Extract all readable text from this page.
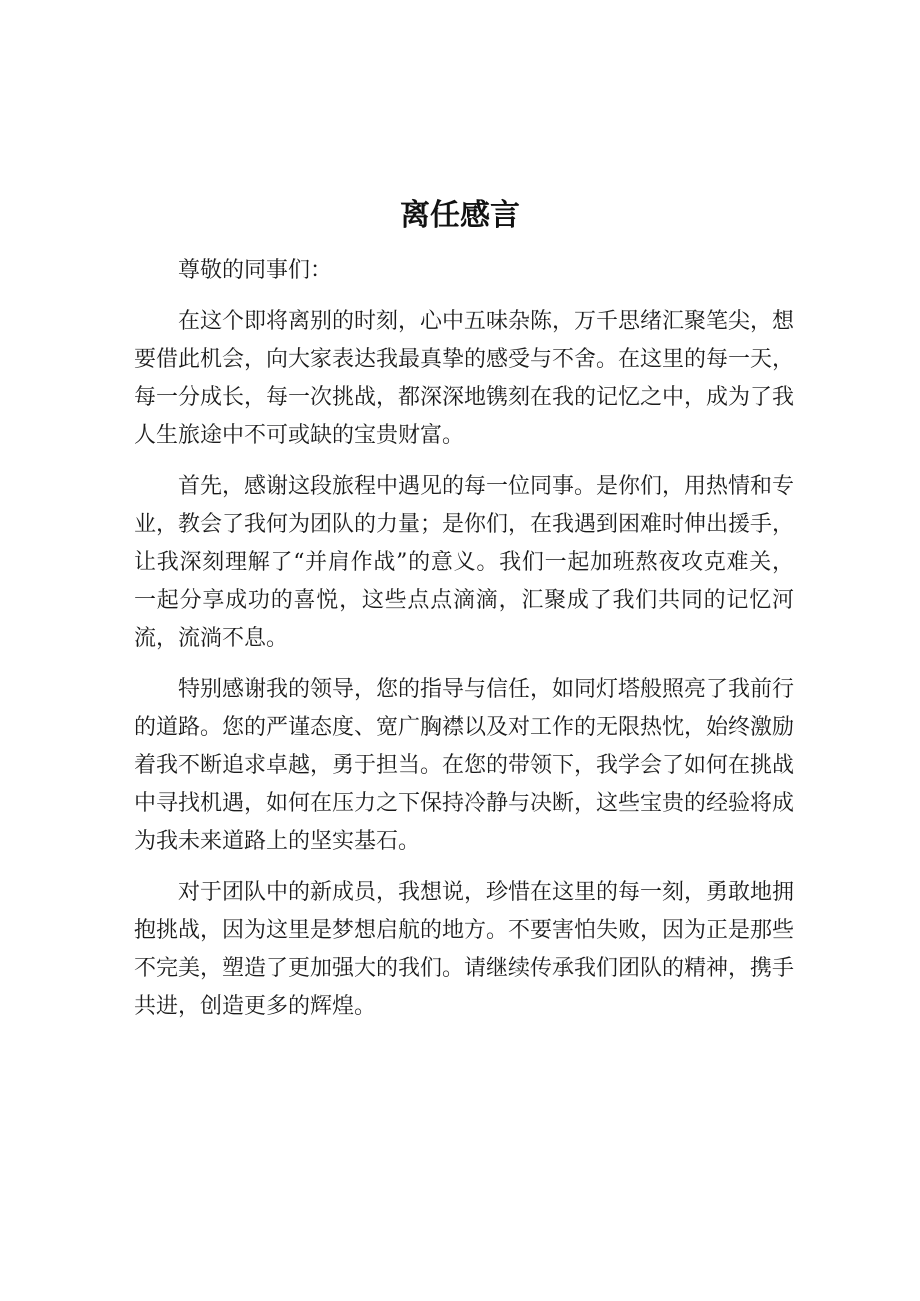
离任感言

尊敬的同事们：

在这个即将离别的时刻，心中五味杂陈，万千思绪汇聚笔尖，想要借此机会，向大家表达我最真挚的感受与不舍。在这里的每一天，每一分成长，每一次挑战，都深深地镌刻在我的记忆之中，成为了我人生旅途中不可或缺的宝贵财富。

首先，感谢这段旅程中遇见的每一位同事。是你们，用热情和专业，教会了我何为团队的力量；是你们，在我遇到困难时伸出援手，让我深刻理解了“并肩作战”的意义。我们一起加班熬夜攻克难关，一起分享成功的喜悦，这些点点滴滴，汇聚成了我们共同的记忆河流，流淌不息。

特别感谢我的领导，您的指导与信任，如同灯塔般照亮了我前行的道路。您的严谨态度、宽广胸襟以及对工作的无限热忱，始终激励着我不断追求卓越，勇于担当。在您的带领下，我学会了如何在挑战中寻找机遇，如何在压力之下保持冷静与决断，这些宝贵的经验将成为我未来道路上的坚实基石。

对于团队中的新成员，我想说，珍惜在这里的每一刻，勇敢地拥抱挑战，因为这里是梦想启航的地方。不要害怕失败，因为正是那些不完美，塑造了更加强大的我们。请继续传承我们团队的精神，携手共进，创造更多的辉煌。
